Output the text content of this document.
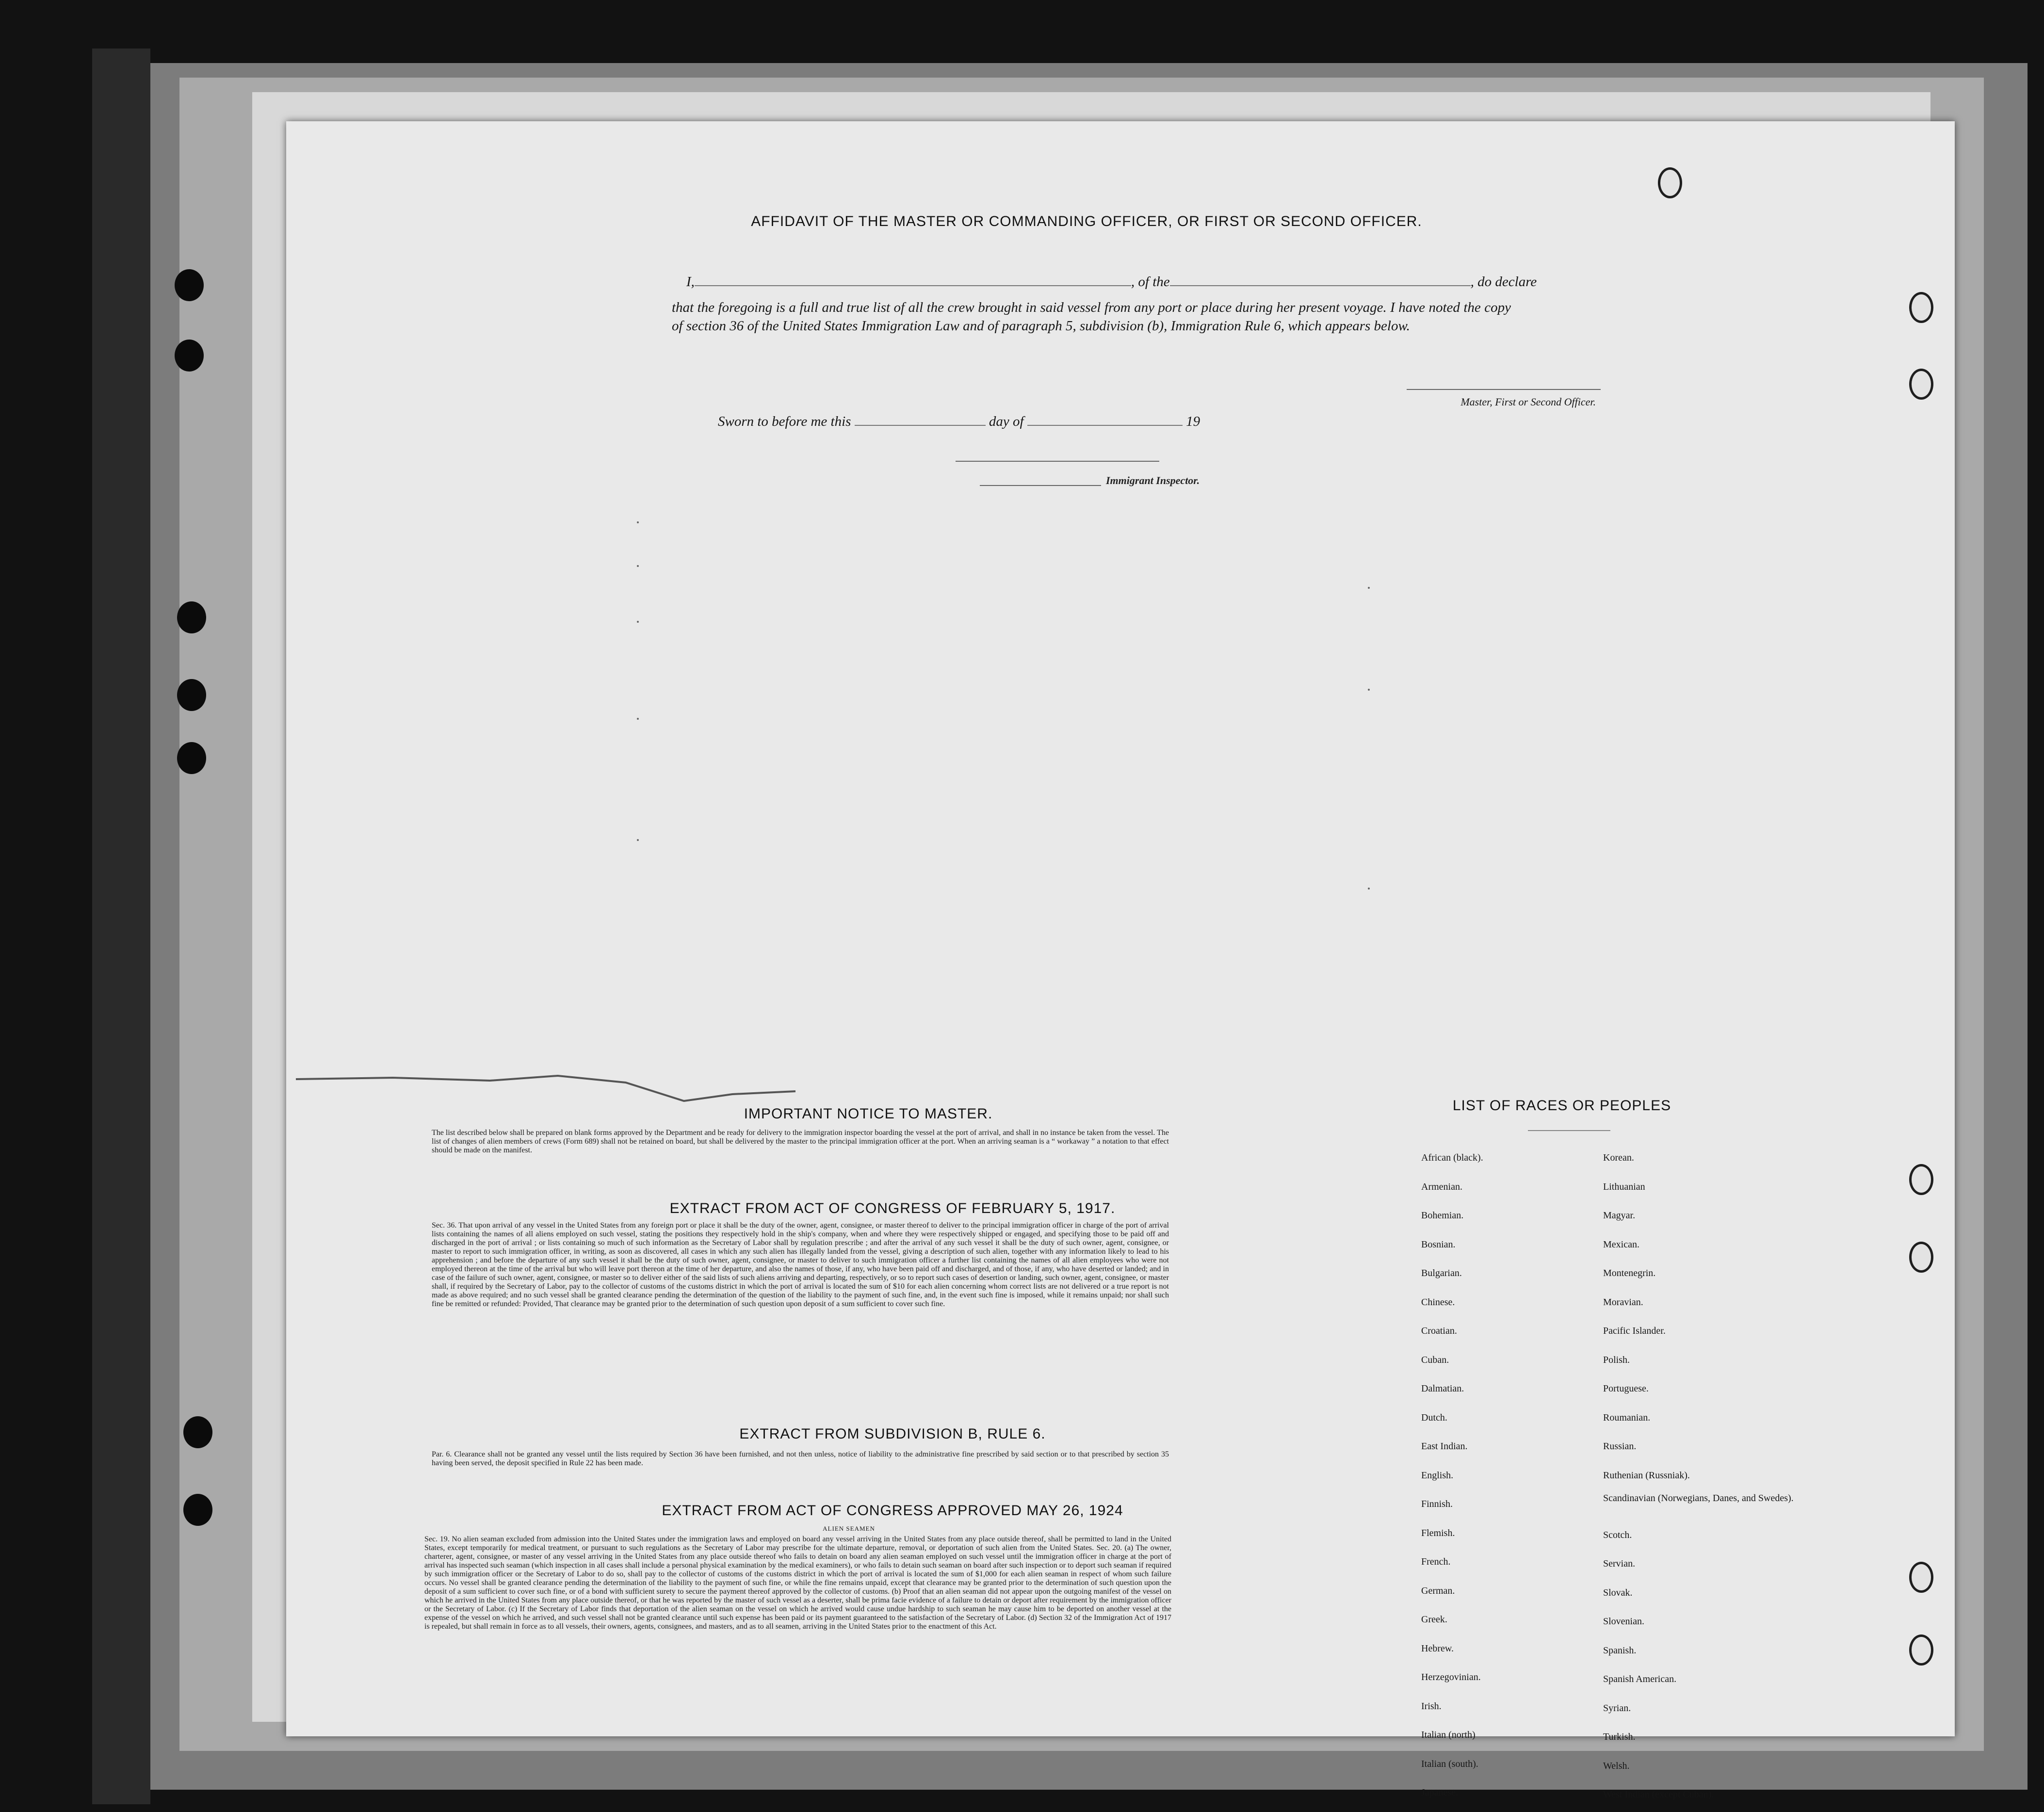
AFFIDAVIT OF THE MASTER OR COMMANDING OFFICER, OR FIRST OR SECOND OFFICER.
I,	, of the	, do declare
that the foregoing is a full and true list of all the crew brought in said vessel from any port or place during her present voyage. I have noted the copy of section 36 of the United States Immigration Law and of paragraph 5, subdivision (b), Immigration Rule 6, which appears below.
Master, First or Second Officer.
Sworn to before me this	day of	19
Immigrant Inspector.
IMPORTANT NOTICE TO MASTER.
The list described below shall be prepared on blank forms approved by the Department and be ready for delivery to the immigration inspector boarding the vessel at the port of arrival, and shall in no instance be taken from the vessel. The list of changes of alien members of crews (Form 689) shall not be retained on board, but shall be delivered by the master to the principal immigration officer at the port. When an arriving seaman is a “ workaway ” a notation to that effect should be made on the manifest.
EXTRACT FROM ACT OF CONGRESS OF FEBRUARY 5, 1917.
Sec. 36. That upon arrival of any vessel in the United States from any foreign port or place it shall be the duty of the owner, agent, consignee, or master thereof to deliver to the principal immigration officer in charge of the port of arrival lists containing the names of all aliens employed on such vessel, stating the positions they respectively hold in the ship's company, when and where they were respectively shipped or engaged, and specifying those to be paid off and discharged in the port of arrival ; or lists containing so much of such information as the Secretary of Labor shall by regulation prescribe ; and after the arrival of any such vessel it shall be the duty of such owner, agent, consignee, or master to report to such immigration officer, in writing, as soon as discovered, all cases in which any such alien has illegally landed from the vessel, giving a description of such alien, together with any information likely to lead to his apprehension ; and before the departure of any such vessel it shall be the duty of such owner, agent, consignee, or master to deliver to such immigration officer a further list containing the names of all alien employees who were not employed thereon at the time of the arrival but who will leave port thereon at the time of her departure, and also the names of those, if any, who have been paid off and discharged, and of those, if any, who have deserted or landed; and in case of the failure of such owner, agent, consignee, or master so to deliver either of the said lists of such aliens arriving and departing, respectively, or so to report such cases of desertion or landing, such owner, agent, consignee, or master shall, if required by the Secretary of Labor, pay to the collector of customs of the customs district in which the port of arrival is located the sum of $10 for each alien concerning whom correct lists are not delivered or a true report is not made as above required; and no such vessel shall be granted clearance pending the determination of the question of the liability to the payment of such fine, and, in the event such fine is imposed, while it remains unpaid; nor shall such fine be remitted or refunded: Provided, That clearance may be granted prior to the determination of such question upon deposit of a sum sufficient to cover such fine.
EXTRACT FROM SUBDIVISION B, RULE 6.
Par. 6. Clearance shall not be granted any vessel until the lists required by Section 36 have been furnished, and not then unless, notice of liability to the administrative fine prescribed by said section or to that prescribed by section 35 having been served, the deposit specified in Rule 22 has been made.
EXTRACT FROM ACT OF CONGRESS APPROVED MAY 26, 1924
ALIEN SEAMEN
Sec. 19. No alien seaman excluded from admission into the United States under the immigration laws and employed on board any vessel arriving in the United States from any place outside thereof, shall be permitted to land in the United States, except temporarily for medical treatment, or pursuant to such regulations as the Secretary of Labor may prescribe for the ultimate departure, removal, or deportation of such alien from the United States. Sec. 20. (a) The owner, charterer, agent, consignee, or master of any vessel arriving in the United States from any place outside thereof who fails to detain on board any alien seaman employed on such vessel until the immigration officer in charge at the port of arrival has inspected such seaman (which inspection in all cases shall include a personal physical examination by the medical examiners), or who fails to detain such seaman on board after such inspection or to deport such seaman if required by such immigration officer or the Secretary of Labor to do so, shall pay to the collector of customs of the customs district in which the port of arrival is located the sum of $1,000 for each alien seaman in respect of whom such failure occurs. No vessel shall be granted clearance pending the determination of the liability to the payment of such fine, or while the fine remains unpaid, except that clearance may be granted prior to the determination of such question upon the deposit of a sum sufficient to cover such fine, or of a bond with sufficient surety to secure the payment thereof approved by the collector of customs. (b) Proof that an alien seaman did not appear upon the outgoing manifest of the vessel on which he arrived in the United States from any place outside thereof, or that he was reported by the master of such vessel as a deserter, shall be prima facie evidence of a failure to detain or deport after requirement by the immigration officer or the Secretary of Labor. (c) If the Secretary of Labor finds that deportation of the alien seaman on the vessel on which he arrived would cause undue hardship to such seaman he may cause him to be deported on another vessel at the expense of the vessel on which he arrived, and such vessel shall not be granted clearance until such expense has been paid or its payment guaranteed to the satisfaction of the Secretary of Labor. (d) Section 32 of the Immigration Act of 1917 is repealed, but shall remain in force as to all vessels, their owners, agents, consignees, and masters, and as to all seamen, arriving in the United States prior to the enactment of this Act.
LIST OF RACES OR PEOPLES
African (black).
Armenian.
Bohemian.
Bosnian.
Bulgarian.
Chinese.
Croatian.
Cuban.
Dalmatian.
Dutch.
East Indian.
English.
Finnish.
Flemish.
French.
German.
Greek.
Hebrew.
Herzegovinian.
Irish.
Italian (north)
Italian (south).
Japanese.
Korean.
Lithuanian
Magyar.
Mexican.
Montenegrin.
Moravian.
Pacific Islander.
Polish.
Portuguese.
Roumanian.
Russian.
Ruthenian (Russniak).
Scandinavian (Norwegians, Danes, and Swedes).
Scotch.
Servian.
Slovak.
Slovenian.
Spanish.
Spanish American.
Syrian.
Turkish.
Welsh.
West Indian (except Cuban).
